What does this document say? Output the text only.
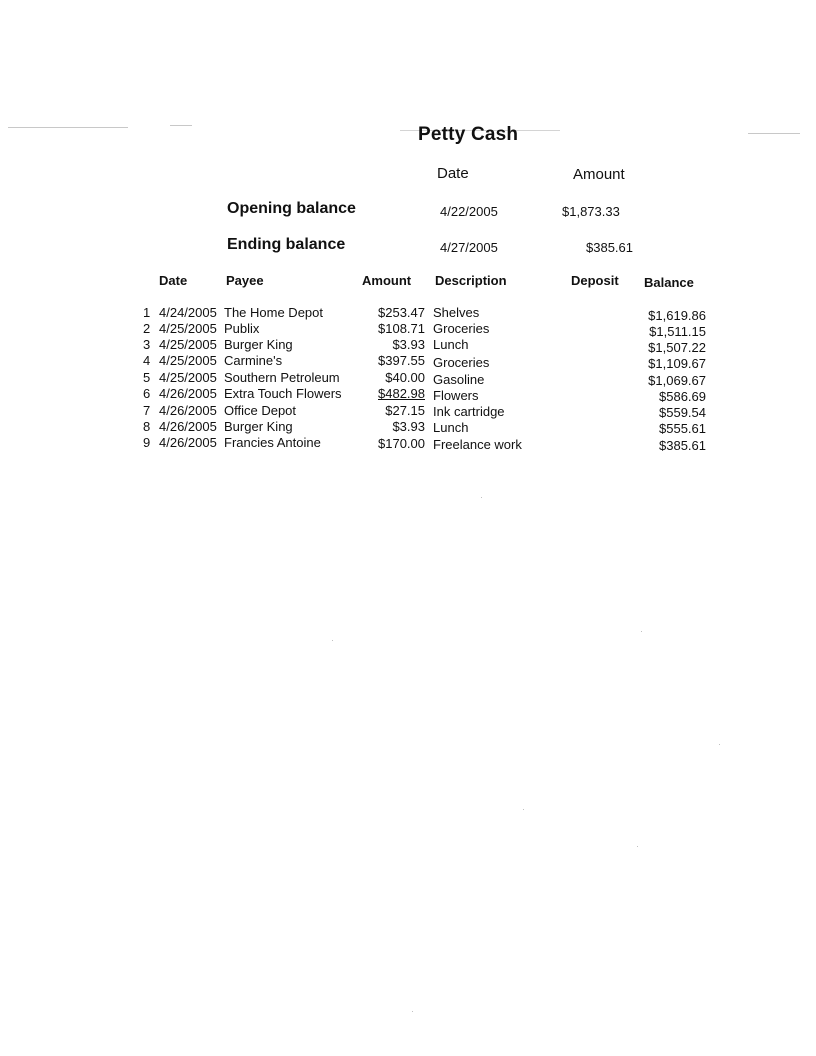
Petty Cash
Date	Amount
Opening balance	4/22/2005	$1,873.33
Ending balance	4/27/2005	$385.61
Date	Payee	Amount Description	Deposit Balance
1 4/24/2005 The Home Depot	$253.47 Shelves	$1,619.86
2 4/25/2005 Publix	$108.71 Groceries	$1,511.15
3 4/25/2005 Burger King	$3.93 Lunch	$1,507.22
4 4/25/2005 Carmine's	$397.55 Groceries	$1,109.67
5 4/25/2005 Southern Petroleum	$40.00 Gasoline	$1,069.67
6 4/26/2005 Extra Touch Flowers	$482.98 Flowers	$586.69
7 4/26/2005 Office Depot	$27.15 Ink cartridge	$559.54
8 4/26/2005 Burger King	$3.93 Lunch	$555.61
9 4/26/2005 Francies Antoine	$170.00 Freelance work	$385.61
